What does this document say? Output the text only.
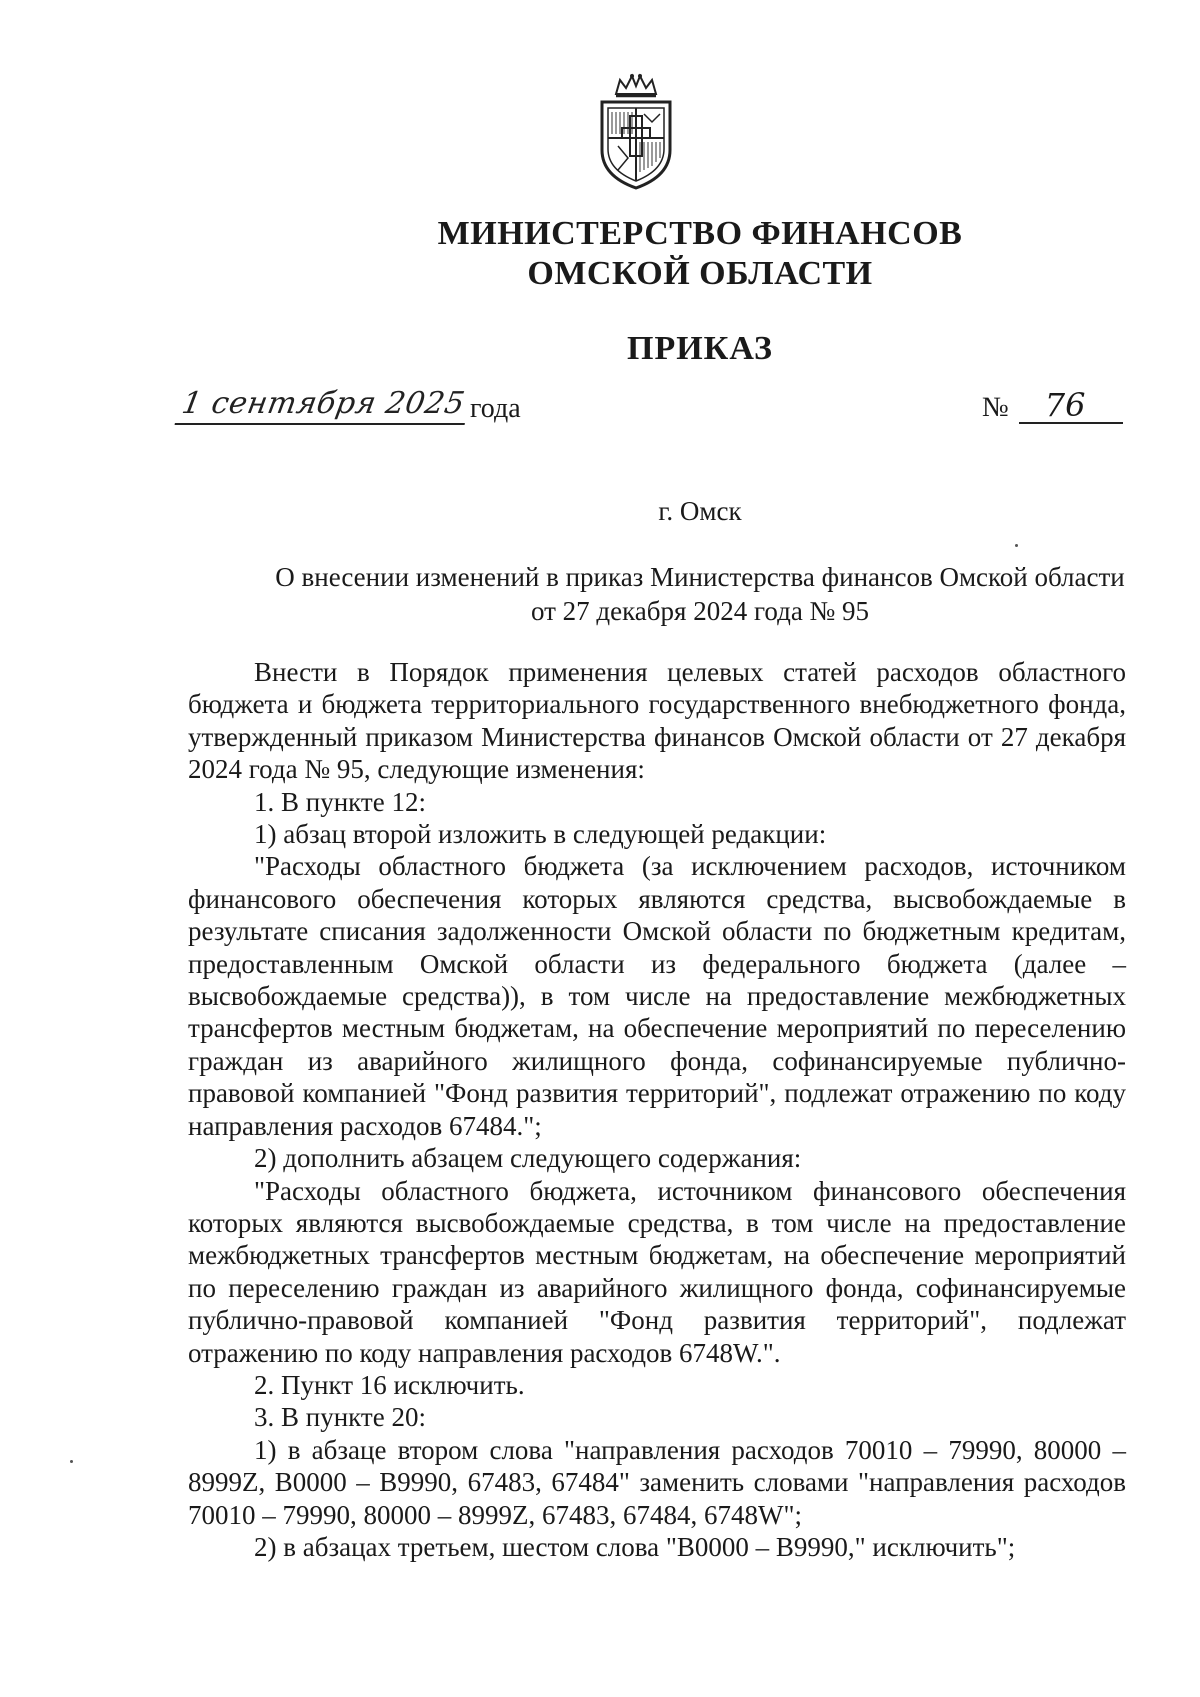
МИНИСТЕРСТВО ФИНАНСОВ
ОМСКОЙ ОБЛАСТИ
ПРИКАЗ
1 сентября 2025 года	№	76
г. Омск
О внесении изменений в приказ Министерства финансов Омской области
от 27 декабря 2024 года № 95

Внести в Порядок применения целевых статей расходов областного бюджета и бюджета территориального государственного внебюджетного фонда, утвержденный приказом Министерства финансов Омской области от 27 декабря 2024 года № 95, следующие изменения:

1. В пункте 12:

1) абзац второй изложить в следующей редакции:

"Расходы областного бюджета (за исключением расходов, источником финансового обеспечения которых являются средства, высвобождаемые в результате списания задолженности Омской области по бюджетным кредитам, предоставленным Омской области из федерального бюджета (далее – высвобождаемые средства)), в том числе на предоставление межбюджетных трансфертов местным бюджетам, на обеспечение мероприятий по переселению граждан из аварийного жилищного фонда, софинансируемые публично-правовой компанией "Фонд развития территорий", подлежат отражению по коду направления расходов 67484.";

2) дополнить абзацем следующего содержания:

"Расходы областного бюджета, источником финансового обеспечения которых являются высвобождаемые средства, в том числе на предоставление межбюджетных трансфертов местным бюджетам, на обеспечение мероприятий по переселению граждан из аварийного жилищного фонда, софинансируемые публично-правовой компанией "Фонд развития территорий", подлежат отражению по коду направления расходов 6748W.".

2. Пункт 16 исключить.

3. В пункте 20:

1) в абзаце втором слова "направления расходов 70010 – 79990, 80000 – 8999Z, B0000 – B9990, 67483, 67484" заменить словами "направления расходов 70010 – 79990, 80000 – 8999Z, 67483, 67484, 6748W";

2) в абзацах третьем, шестом слова "B0000 – B9990," исключить";
